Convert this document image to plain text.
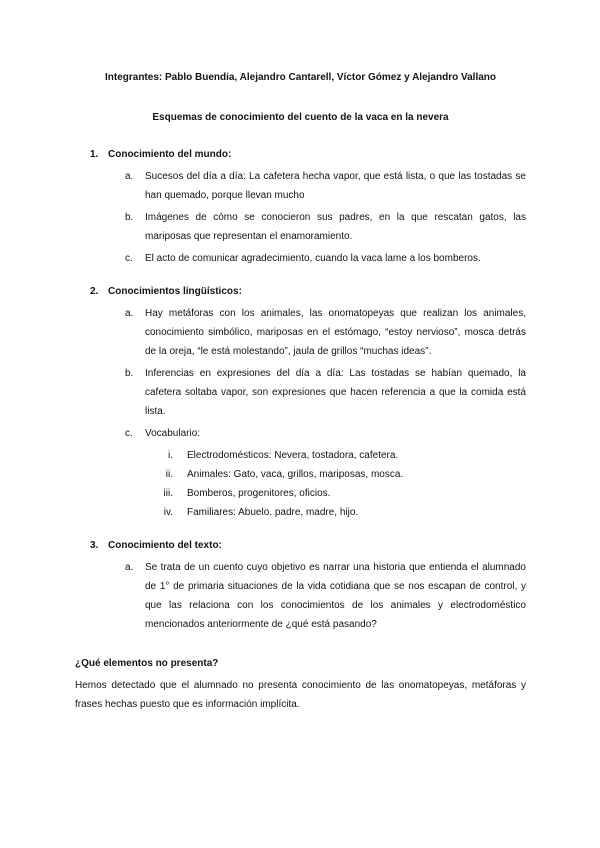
Integrantes: Pablo Buendia, Alejandro Cantarell, Víctor Gómez y Alejandro Vallano

Esquemas de conocimiento del cuento de la vaca en la nevera

1. Conocimiento del mundo:
a.	Sucesos del día a día: La cafetera hecha vapor, que está lista, o que las tostadas se han quemado, porque llevan mucho
b.	Imágenes de cómo se conocieron sus padres, en la que rescatan gatos, las mariposas que representan el enamoramiento.
c.	El acto de comunicar agradecimiento, cuando la vaca lame a los bomberos.
2. Conocimientos lingüísticos:
a.	Hay metáforas con los animales, las onomatopeyas que realizan los animales, conocimiento simbólico, mariposas en el estómago, “estoy nervioso”, mosca detrás de la oreja, “le está molestando”, jaula de grillos “muchas ideas”.
b.	Inferencias en expresiones del día a día: Las tostadas se habían quemado, la cafetera soltaba vapor, son expresiones que hacen referencia a que la comida está lista.
c.	Vocabulario:
i. Electrodomésticos: Nevera, tostadora, cafetera.
ii. Animales: Gato, vaca, grillos, mariposas, mosca.
iii. Bomberos, progenitores, oficios.
iv. Familiares: Abuelo. padre, madre, hijo.
3. Conocimiento del texto:
a.	Se trata de un cuento cuyo objetivo es narrar una historia que entienda el alumnado de 1° de primaria situaciones de la vida cotidiana que se nos escapan de control, y que las relaciona con los conocimientos de los animales y electrodoméstico mencionados anteriormente de ¿qué está pasando?

¿Qué elementos no presenta?

Hemos detectado que el alumnado no presenta conocimiento de las onomatopeyas, metáforas y frases hechas puesto que es información implícita.
